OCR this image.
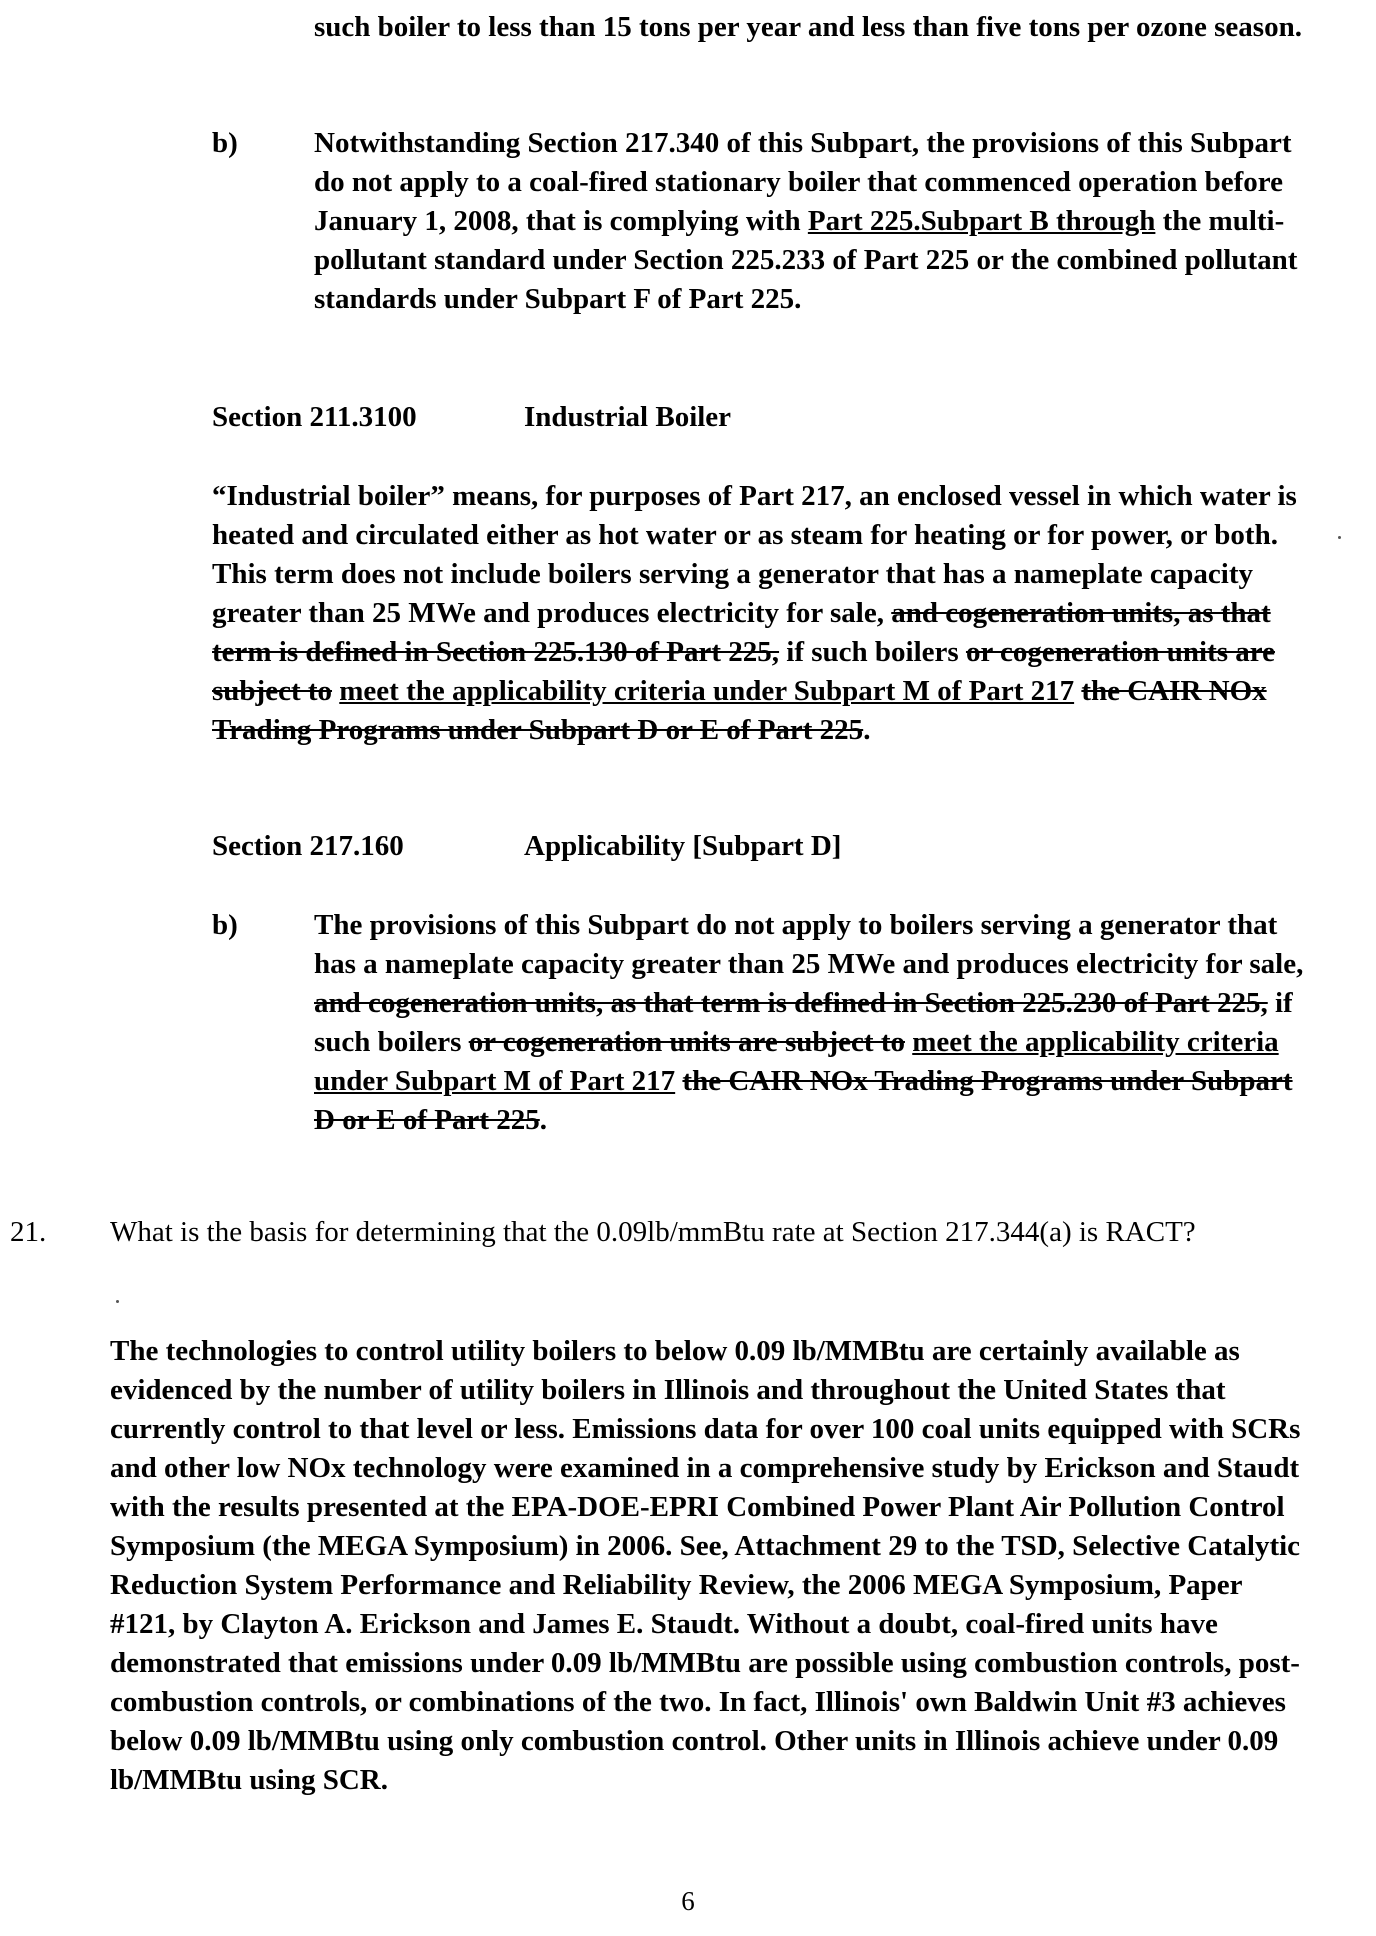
such boiler to less than 15 tons per year and less than five tons per ozone season.
b)	Notwithstanding Section 217.340 of this Subpart, the provisions of this Subpart do not apply to a coal-fired stationary boiler that commenced operation before January 1, 2008, that is complying with Part 225.Subpart B through the multi-pollutant standard under Section 225.233 of Part 225 or the combined pollutant standards under Subpart F of Part 225.
Section 211.3100	Industrial Boiler
“Industrial boiler” means, for purposes of Part 217, an enclosed vessel in which water is heated and circulated either as hot water or as steam for heating or for power, or both. This term does not include boilers serving a generator that has a nameplate capacity greater than 25 MWe and produces electricity for sale, and cogeneration units, as that term is defined in Section 225.130 of Part 225, if such boilers or cogeneration units are subject to meet the applicability criteria under Subpart M of Part 217 the CAIR NOx Trading Programs under Subpart D or E of Part 225.
Section 217.160	Applicability [Subpart D]
b)	The provisions of this Subpart do not apply to boilers serving a generator that has a nameplate capacity greater than 25 MWe and produces electricity for sale, and cogeneration units, as that term is defined in Section 225.230 of Part 225, if such boilers or cogeneration units are subject to meet the applicability criteria under Subpart M of Part 217 the CAIR NOx Trading Programs under Subpart D or E of Part 225.
21.	What is the basis for determining that the 0.09lb/mmBtu rate at Section 217.344(a) is RACT?
The technologies to control utility boilers to below 0.09 lb/MMBtu are certainly available as evidenced by the number of utility boilers in Illinois and throughout the United States that currently control to that level or less. Emissions data for over 100 coal units equipped with SCRs and other low NOx technology were examined in a comprehensive study by Erickson and Staudt with the results presented at the EPA-DOE-EPRI Combined Power Plant Air Pollution Control Symposium (the MEGA Symposium) in 2006. See, Attachment 29 to the TSD, Selective Catalytic Reduction System Performance and Reliability Review, the 2006 MEGA Symposium, Paper #121, by Clayton A. Erickson and James E. Staudt. Without a doubt, coal-fired units have demonstrated that emissions under 0.09 lb/MMBtu are possible using combustion controls, post-combustion controls, or combinations of the two. In fact, Illinois' own Baldwin Unit #3 achieves below 0.09 lb/MMBtu using only combustion control. Other units in Illinois achieve under 0.09 lb/MMBtu using SCR.
6
